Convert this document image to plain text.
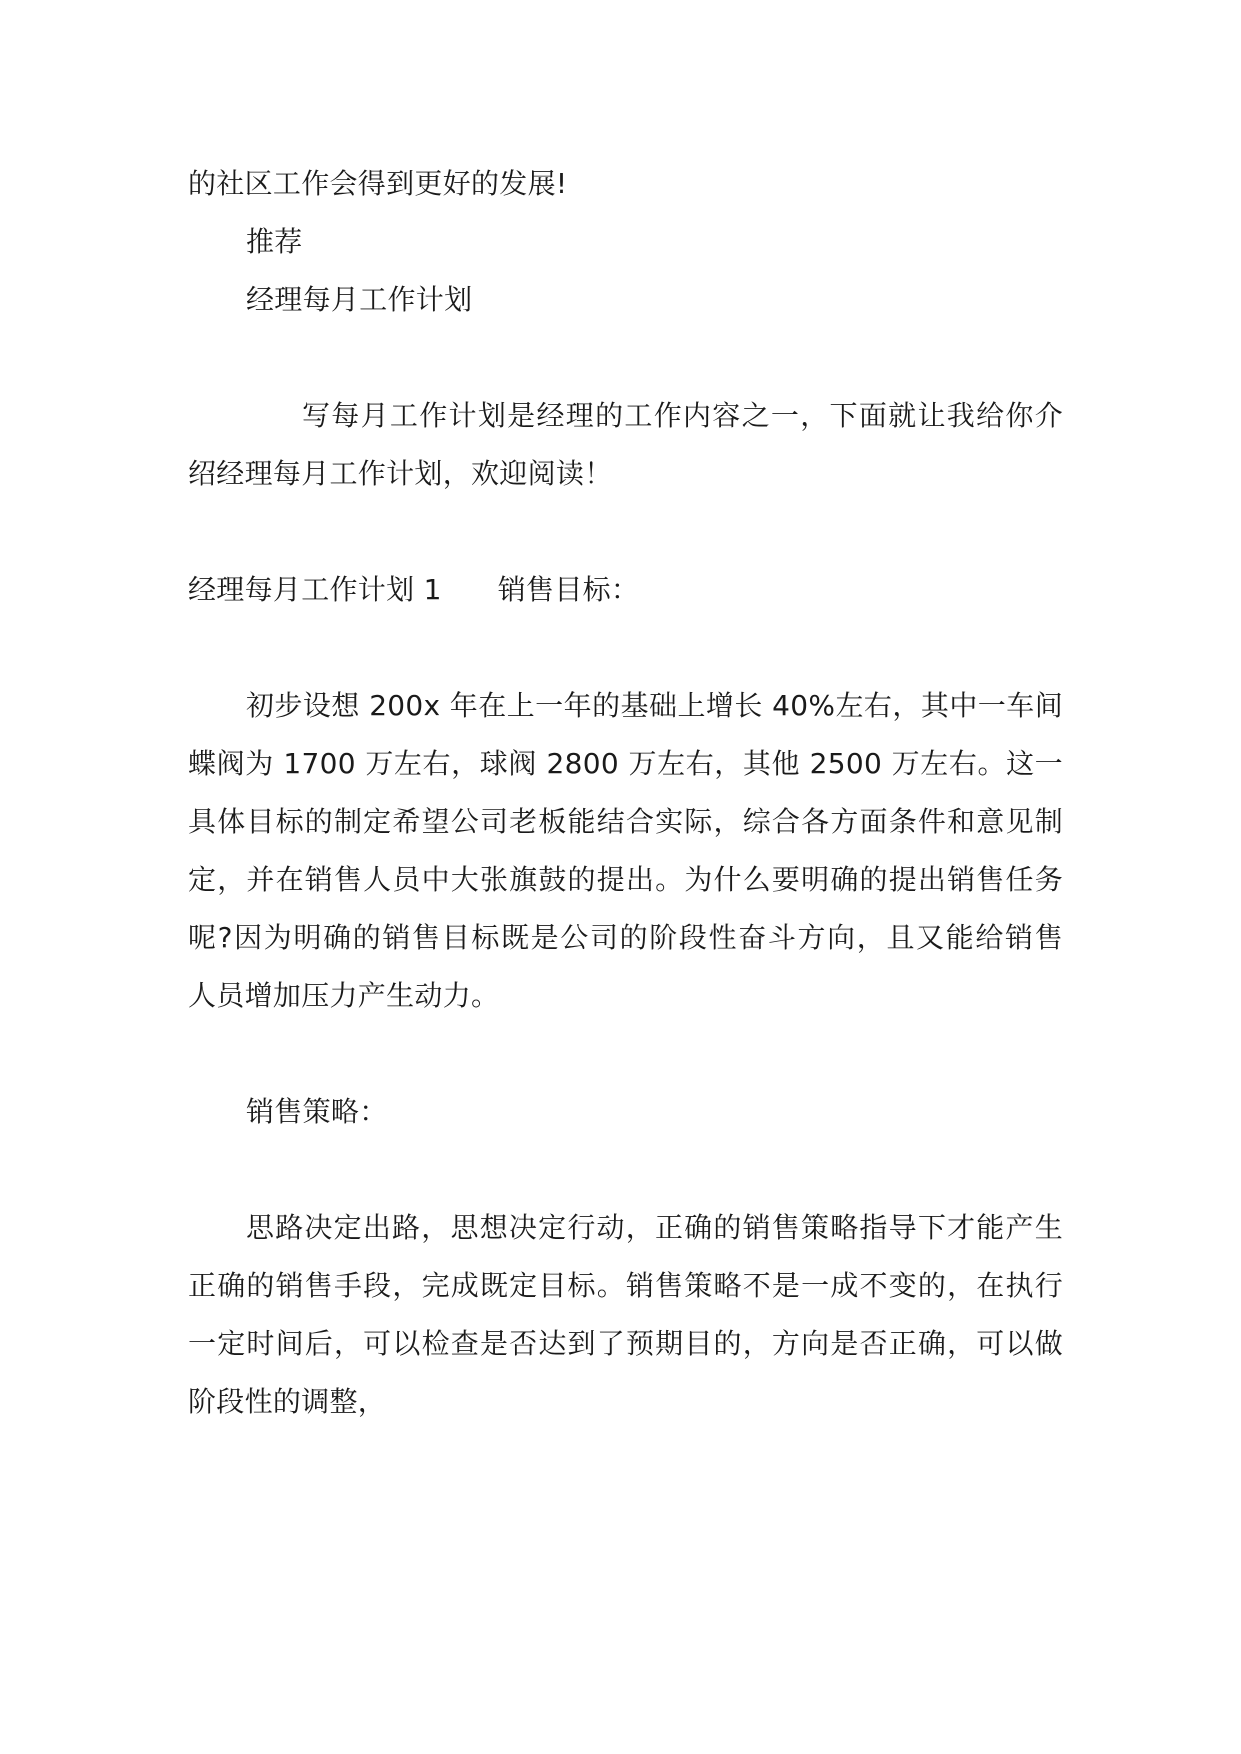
的社区工作会得到更好的发展!
推荐
经理每月工作计划
写每月工作计划是经理的工作内容之一，下面就让我给你介
绍经理每月工作计划，欢迎阅读！
经理每月工作计划 1 销售目标：
初步设想 200x 年在上一年的基础上增长 40%左右，其中一车间
蝶阀为 1700 万左右，球阀 2800 万左右，其他 2500 万左右。这一
具体目标的制定希望公司老板能结合实际，综合各方面条件和意见制
定，并在销售人员中大张旗鼓的提出。为什么要明确的提出销售任务
呢?因为明确的销售目标既是公司的阶段性奋斗方向，且又能给销售
人员增加压力产生动力。
销售策略：
思路决定出路，思想决定行动，正确的销售策略指导下才能产生
正确的销售手段，完成既定目标。销售策略不是一成不变的，在执行
一定时间后，可以检查是否达到了预期目的，方向是否正确，可以做
阶段性的调整，
